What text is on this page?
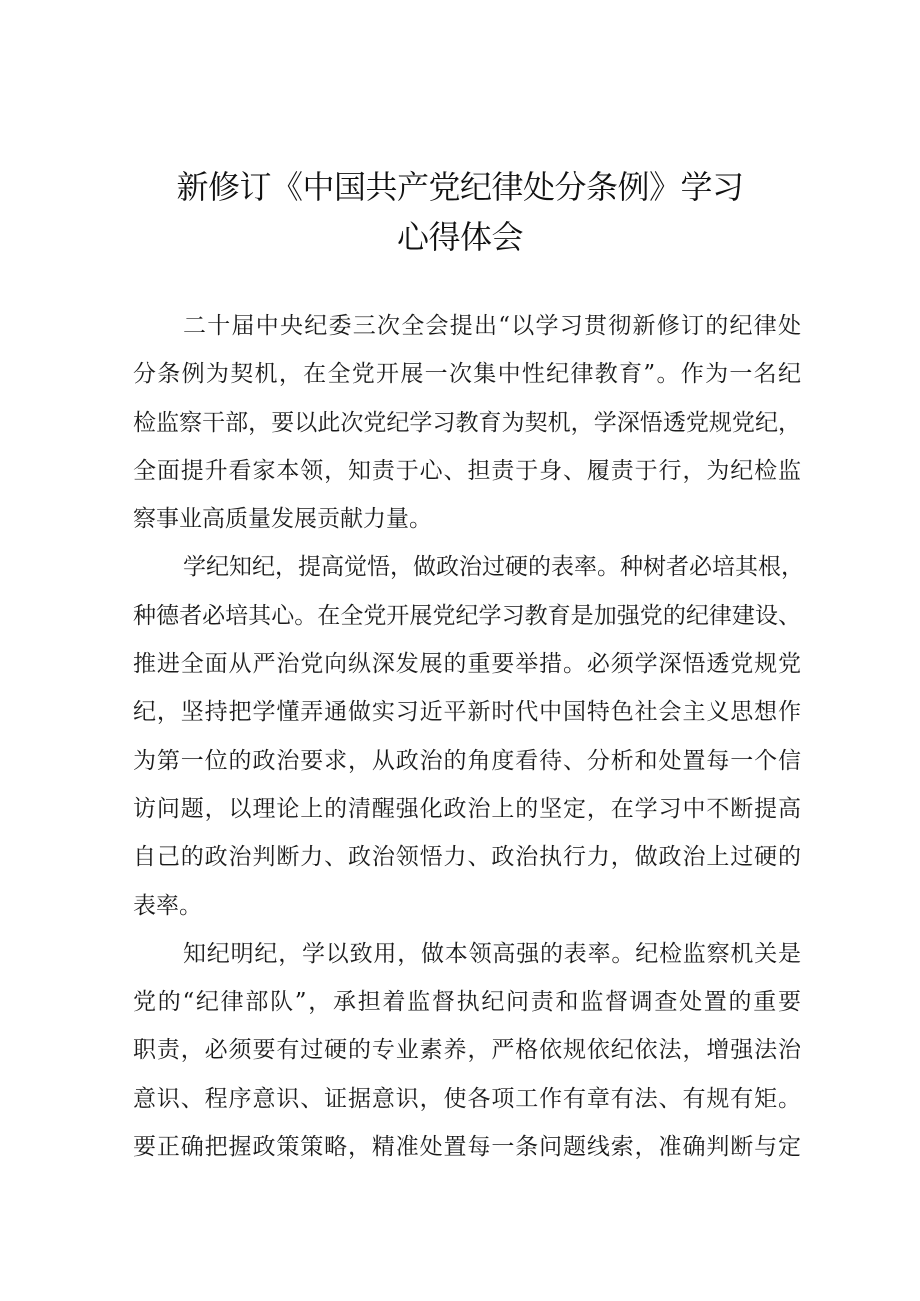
新修订《中国共产党纪律处分条例》学习
心得体会
二十届中央纪委三次全会提出“以学习贯彻新修订的纪律处
分条例为契机，在全党开展一次集中性纪律教育”。作为一名纪
检监察干部，要以此次党纪学习教育为契机，学深悟透党规党纪，
全面提升看家本领，知责于心、担责于身、履责于行，为纪检监
察事业高质量发展贡献力量。
学纪知纪，提高觉悟，做政治过硬的表率。种树者必培其根，
种德者必培其心。在全党开展党纪学习教育是加强党的纪律建设、
推进全面从严治党向纵深发展的重要举措。必须学深悟透党规党
纪，坚持把学懂弄通做实习近平新时代中国特色社会主义思想作
为第一位的政治要求，从政治的角度看待、分析和处置每一个信
访问题，以理论上的清醒强化政治上的坚定，在学习中不断提高
自己的政治判断力、政治领悟力、政治执行力，做政治上过硬的
表率。
知纪明纪，学以致用，做本领高强的表率。纪检监察机关是
党的“纪律部队”，承担着监督执纪问责和监督调查处置的重要
职责，必须要有过硬的专业素养，严格依规依纪依法，增强法治
意识、程序意识、证据意识，使各项工作有章有法、有规有矩。
要正确把握政策策略，精准处置每一条问题线索，准确判断与定
